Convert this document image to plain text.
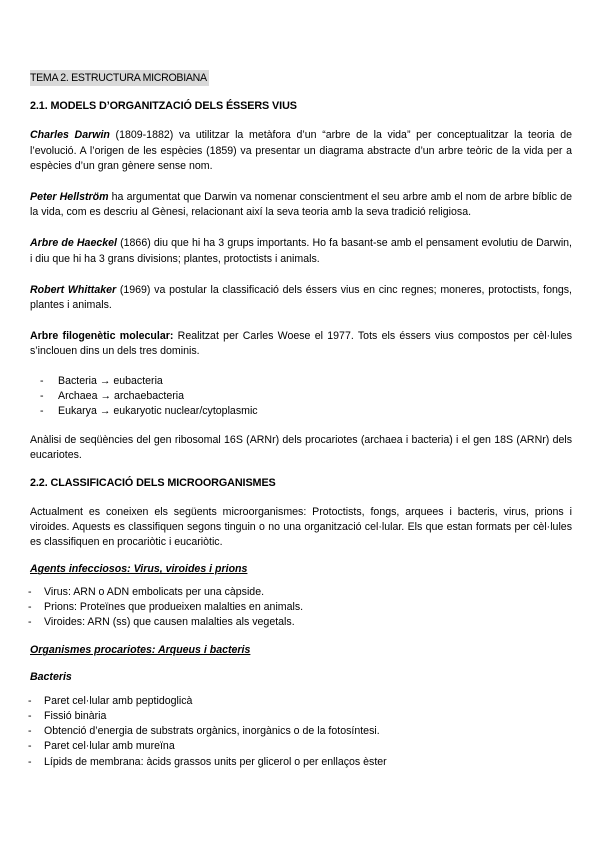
TEMA 2. ESTRUCTURA MICROBIANA
2.1. MODELS D’ORGANITZACIÓ DELS ÉSSERS VIUS

Charles Darwin (1809-1882) va utilitzar la metàfora d’un “arbre de la vida” per conceptualitzar la teoria de l’evolució. A l’origen de les espècies (1859) va presentar un diagrama abstracte d’un arbre teòric de la vida per a espècies d’un gran gènere sense nom.

Peter Hellström ha argumentat que Darwin va nomenar conscientment el seu arbre amb el nom de arbre bíblic de la vida, com es descriu al Gènesi, relacionant així la seva teoria amb la seva tradició religiosa.

Arbre de Haeckel (1866) diu que hi ha 3 grups importants. Ho fa basant-se amb el pensament evolutiu de Darwin, i diu que hi ha 3 grans divisions; plantes, protoctists i animals.

Robert Whittaker (1969) va postular la classificació dels éssers vius en cinc regnes; moneres, protoctists, fongs, plantes i animals.

Arbre filogenètic molecular: Realitzat per Carles Woese el 1977. Tots els éssers vius compostos per cèl·lules s’inclouen dins un dels tres dominis.

- Bacteria → eubacteria
- Archaea → archaebacteria
- Eukarya → eukaryotic nuclear/cytoplasmic

Anàlisi de seqüències del gen ribosomal 16S (ARNr) dels procariotes (archaea i bacteria) i el gen 18S (ARNr) dels eucariotes.

2.2. CLASSIFICACIÓ DELS MICROORGANISMES

Actualment es coneixen els següents microorganismes: Protoctists, fongs, arquees i bacteris, virus, prions i viroides. Aquests es classifiquen segons tinguin o no una organització cel·lular. Els que estan formats per cèl·lules es classifiquen en procariòtic i eucariòtic.

Agents infecciosos: Virus, viroides i prions
- Virus: ARN o ADN embolicats per una càpside.
- Prions: Proteïnes que produeixen malalties en animals.
- Viroides: ARN (ss) que causen malalties als vegetals.
Organismes procariotes: Arqueus i bacteris
Bacteris
- Paret cel·lular amb peptidoglicà
- Fissió binària
- Obtenció d’energia de substrats orgànics, inorgànics o de la fotosíntesi.
- Paret cel·lular amb mureïna
- Lípids de membrana: àcids grassos units per glicerol o per enllaços èster
